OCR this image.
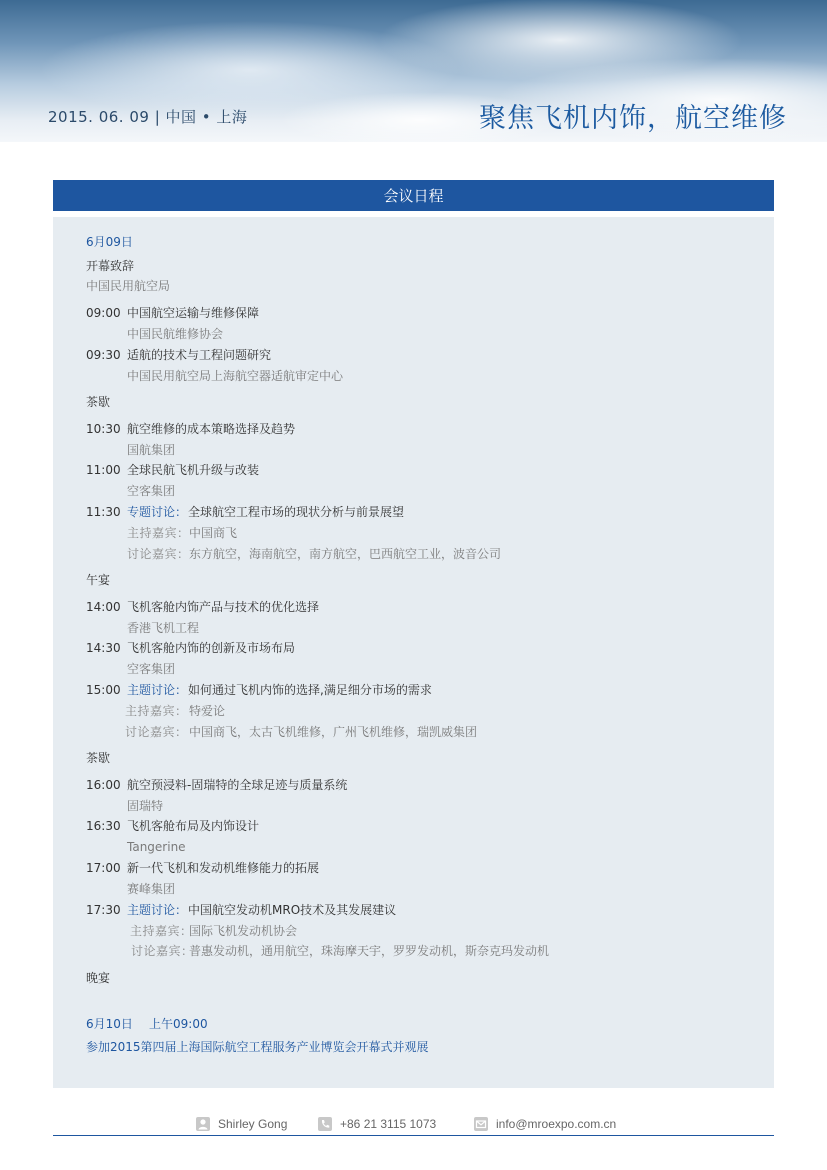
2015. 06. 09 | 中国 • 上海	聚焦飞机内饰，航空维修
会议日程
6月09日
开幕致辞
中国民用航空局
09:00 中国航空运输与维修保障
中国民航维修协会
09:30 适航的技术与工程问题研究
中国民用航空局上海航空器适航审定中心
茶歇
10:30 航空维修的成本策略选择及趋势
国航集团
11:00 全球民航飞机升级与改装
空客集团
11:30 专题讨论： 全球航空工程市场的现状分析与前景展望
主持嘉宾： 中国商飞
讨论嘉宾： 东方航空，海南航空，南方航空，巴西航空工业，波音公司
午宴
14:00 飞机客舱内饰产品与技术的优化选择
香港飞机工程
14:30 飞机客舱内饰的创新及市场布局
空客集团
15:00 主题讨论： 如何通过飞机内饰的选择,满足细分市场的需求
主持嘉宾： 特爱论
讨论嘉宾： 中国商飞，太古飞机维修，广州飞机维修，瑞凯威集团
茶歇
16:00 航空预浸料-固瑞特的全球足迹与质量系统
固瑞特
16:30 飞机客舱布局及内饰设计
Tangerine
17:00 新一代飞机和发动机维修能力的拓展
赛峰集团
17:30 主题讨论： 中国航空发动机MRO技术及其发展建议
主持嘉宾：
国际飞机发动机协会
讨论嘉宾：
普惠发动机，通用航空，珠海摩天宇，罗罗发动机，斯奈克玛发动机
晚宴
6月10日 上午09:00
参加2015第四届上海国际航空工程服务产业博览会开幕式并观展
Shirley Gong	+86 21 3115 1073	info@mroexpo.com.cn
